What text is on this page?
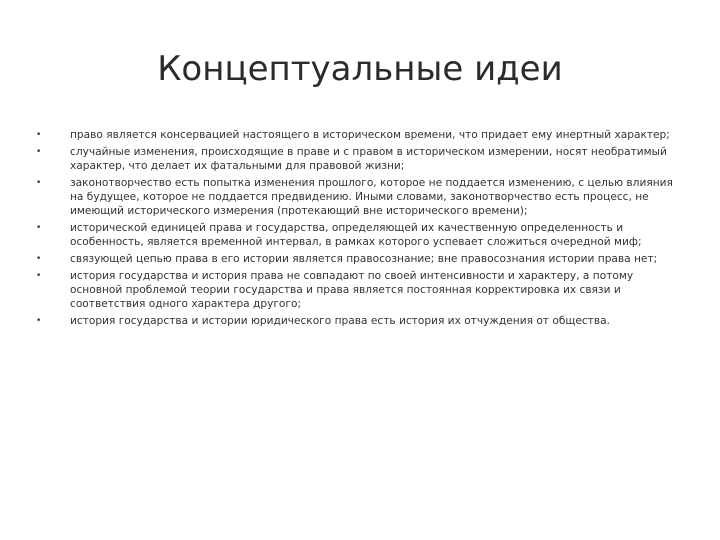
Концептуальные идеи
•	право является консервацией настоящего в историческом времени, что придает ему инертный характер;
•	случайные изменения, происходящие в праве и с правом в историческом измерении, носят необратимый характер, что делает их фатальными для правовой жизни;
•	законотворчество есть попытка изменения прошлого, которое не поддается изменению, с целью влияния на будущее, которое не поддается предвидению. Иными словами, законотворчество есть процесс, не имеющий исторического измерения (протекающий вне исторического времени);
•	исторической единицей права и государства, определяющей их качественную определенность и особенность, является временной интервал, в рамках которого успевает сложиться очередной миф;
•	связующей цепью права в его истории является правосознание; вне правосознания истории права нет;
•	история государства и история права не совпадают по своей интенсивности и характеру, а потому основной проблемой теории государства и права является постоянная корректировка их связи и соответствия одного характера другого;
•	история государства и истории юридического права есть история их отчуждения от общества.
